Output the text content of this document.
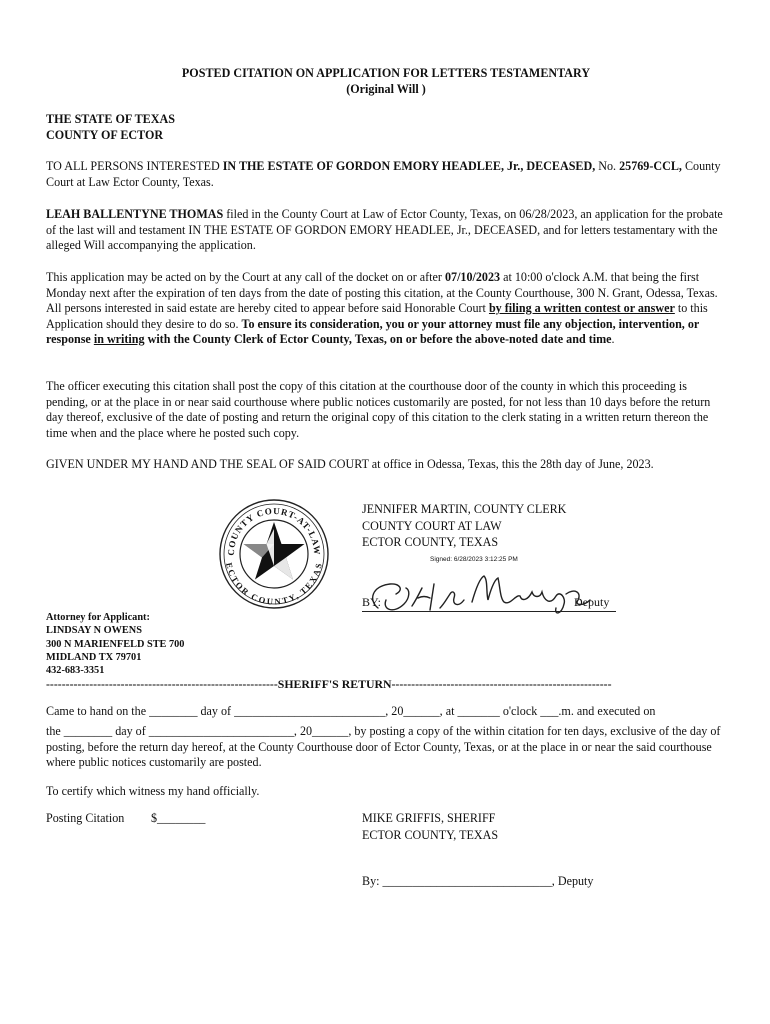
POSTED CITATION ON APPLICATION FOR LETTERS TESTAMENTARY
(Original Will )
THE STATE OF TEXAS
COUNTY OF ECTOR
TO ALL PERSONS INTERESTED IN THE ESTATE OF GORDON EMORY HEADLEE, Jr., DECEASED, No. 25769-CCL, County Court at Law Ector County, Texas.
LEAH BALLENTYNE THOMAS filed in the County Court at Law of Ector County, Texas, on 06/28/2023, an application for the probate of the last will and testament IN THE ESTATE OF GORDON EMORY HEADLEE, Jr., DECEASED, and for letters testamentary with the alleged Will accompanying the application.
This application may be acted on by the Court at any call of the docket on or after 07/10/2023 at 10:00 o'clock A.M. that being the first Monday next after the expiration of ten days from the date of posting this citation, at the County Courthouse, 300 N. Grant, Odessa, Texas. All persons interested in said estate are hereby cited to appear before said Honorable Court by filing a written contest or answer to this Application should they desire to do so. To ensure its consideration, you or your attorney must file any objection, intervention, or response in writing with the County Clerk of Ector County, Texas, on or before the above-noted date and time.
The officer executing this citation shall post the copy of this citation at the courthouse door of the county in which this proceeding is pending, or at the place in or near said courthouse where public notices customarily are posted, for not less than 10 days before the return day thereof, exclusive of the date of posting and return the original copy of this citation to the clerk stating in a written return thereon the time when and the place where he posted such copy.
GIVEN UNDER MY HAND AND THE SEAL OF SAID COURT at office in Odessa, Texas, this the 28th day of June, 2023.
COUNTY COURT-AT-LAW
ECTOR COUNTY, TEXAS
JENNIFER MARTIN, COUNTY CLERK
COUNTY COURT AT LAW
ECTOR COUNTY, TEXAS
Signed: 6/28/2023 3:12:25 PM
BY:	Deputy
Attorney for Applicant:
LINDSAY N OWENS
300 N MARIENFELD STE 700
MIDLAND TX 79701
432-683-3351
-----------------------------------------------------------SHERIFF'S RETURN--------------------------------------------------------
Came to hand on the ________ day of _________________________, 20______, at _______ o'clock ___.m. and executed on
the ________ day of ________________________, 20______, by posting a copy of the within citation for ten days, exclusive of the day of posting, before the return day hereof, at the County Courthouse door of Ector County, Texas, or at the place in or near the said courthouse where public notices customarily are posted.
To certify which witness my hand officially.
Posting Citation $________	MIKE GRIFFIS, SHERIFF
ECTOR COUNTY, TEXAS
By: ____________________________, Deputy
